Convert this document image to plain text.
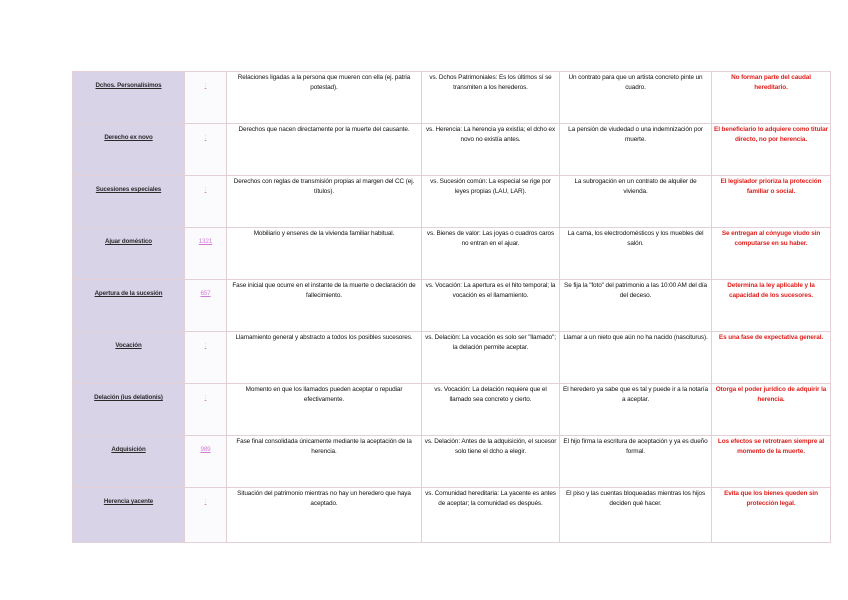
Dchos. Personalísimos	:	Relaciones ligadas a la persona que mueren con ella (ej. patria potestad).	vs. Dchos Patrimoniales: Es los últimos sí se transmiten a los herederos.	Un contrato para que un artista concreto pinte un cuadro.	No forman parte del caudal hereditario.
Derecho ex novo	:	Derechos que nacen directamente por la muerte del causante.	vs. Herencia: La herencia ya existía; el dcho ex novo no existía antes.	La pensión de viudedad o una indemnización por muerte.	El beneficiario lo adquiere como titular directo, no por herencia.
Sucesiones especiales	:	Derechos con reglas de transmisión propias al margen del CC (ej. títulos).	vs. Sucesión común: La especial se rige por leyes propias (LAU, LAR).	La subrogación en un contrato de alquiler de vivienda.	El legislador prioriza la protección familiar o social.
Ajuar doméstico	1321	Mobiliario y enseres de la vivienda familiar habitual.	vs. Bienes de valor: Las joyas o cuadros caros no entran en el ajuar.	La cama, los electrodomésticos y los muebles del salón.	Se entregan al cónyuge viudo sin computarse en su haber.
Apertura de la sucesión	657	Fase inicial que ocurre en el instante de la muerte o declaración de fallecimiento.	vs. Vocación: La apertura es el hito temporal; la vocación es el llamamiento.	Se fija la "foto" del patrimonio a las 10:00 AM del día del deceso.	Determina la ley aplicable y la capacidad de los sucesores.
Vocación	:	Llamamiento general y abstracto a todos los posibles sucesores.	vs. Delación: La vocación es solo ser "llamado"; la delación permite aceptar.	Llamar a un nieto que aún no ha nacido (nasciturus).	Es una fase de expectativa general.
Delación (ius delationis)	:	Momento en que los llamados pueden aceptar o repudiar efectivamente.	vs. Vocación: La delación requiere que el llamado sea concreto y cierto.	El heredero ya sabe que es tal y puede ir a la notaría a aceptar.	Otorga el poder jurídico de adquirir la herencia.
Adquisición	989	Fase final consolidada únicamente mediante la aceptación de la herencia.	vs. Delación: Antes de la adquisición, el sucesor solo tiene el dcho a elegir.	El hijo firma la escritura de aceptación y ya es dueño formal.	Los efectos se retrotraen siempre al momento de la muerte.
Herencia yacente	:	Situación del patrimonio mientras no hay un heredero que haya aceptado.	vs. Comunidad hereditaria: La yacente es antes de aceptar; la comunidad es después.	El piso y las cuentas bloqueadas mientras los hijos deciden qué hacer.	Evita que los bienes queden sin protección legal.
